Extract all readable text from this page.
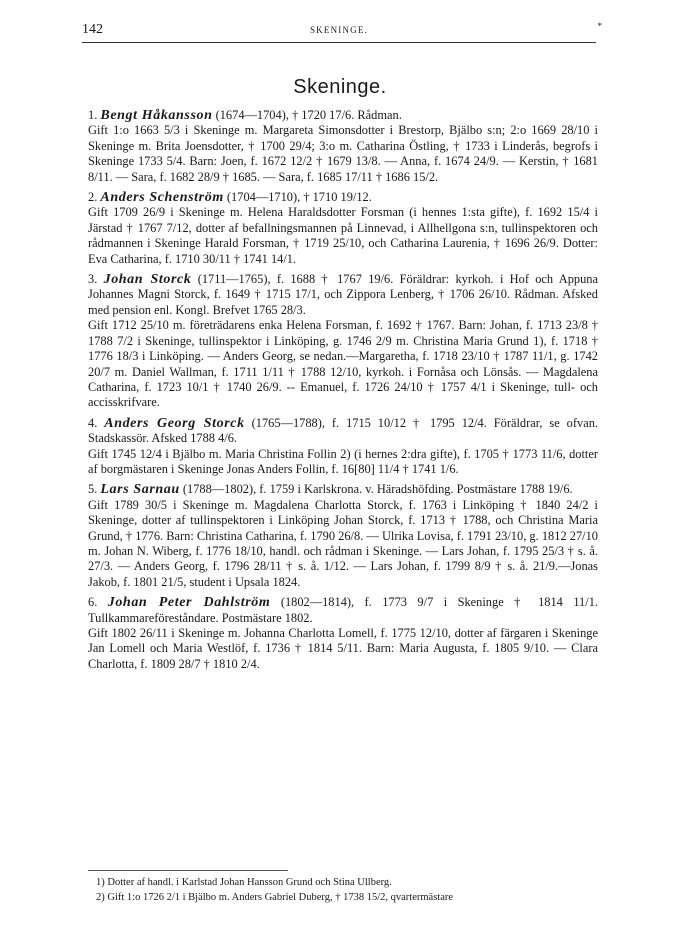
142	SKENINGE.	*
Skeninge.

1. Bengt Håkansson (1674—1704), † 1720 17/6. Rådman.

Gift 1:o 1663 5/3 i Skeninge m. Margareta Simonsdotter i Brestorp, Bjälbo s:n; 2:o 1669 28/10 i Skeninge m. Brita Joensdotter, † 1700 29/4; 3:o m. Catharina Östling, † 1733 i Linderås, begrofs i Skeninge 1733 5/4. Barn: Joen, f. 1672 12/2 † 1679 13/8. — Anna, f. 1674 24/9. — Kerstin, † 1681 8/11. — Sara, f. 1682 28/9 † 1685. — Sara, f. 1685 17/11 † 1686 15/2.

2. Anders Schenström (1704—1710), † 1710 19/12.

Gift 1709 26/9 i Skeninge m. Helena Haraldsdotter Forsman (i hennes 1:sta gifte), f. 1692 15/4 i Järstad † 1767 7/12, dotter af befallningsmannen på Linnevad, i Allhellgona s:n, tullinspektoren och rådmannen i Skeninge Harald Forsman, † 1719 25/10, och Catharina Laurenia, † 1696 26/9. Dotter: Eva Catharina, f. 1710 30/11 † 1741 14/1.

3. Johan Storck (1711—1765), f. 1688 † 1767 19/6. Föräldrar: kyrkoh. i Hof och Appuna Johannes Magni Storck, f. 1649 † 1715 17/1, och Zippora Lenberg, † 1706 26/10. Rådman. Afsked med pension enl. Kongl. Brefvet 1765 28/3.

Gift 1712 25/10 m. företrädarens enka Helena Forsman, f. 1692 † 1767. Barn: Johan, f. 1713 23/8 † 1788 7/2 i Skeninge, tullinspektor i Linköping, g. 1746 2/9 m. Christina Maria Grund 1), f. 1718 † 1776 18/3 i Linköping. — Anders Georg, se nedan.—Margaretha, f. 1718 23/10 † 1787 11/1, g. 1742 20/7 m. Daniel Wallman, f. 1711 1/11 † 1788 12/10, kyrkoh. i Fornåsa och Lönsås. — Magdalena Catharina, f. 1723 10/1 † 1740 26/9. -- Emanuel, f. 1726 24/10 † 1757 4/1 i Skeninge, tull- och accisskrifvare.

4. Anders Georg Storck (1765—1788), f. 1715 10/12 † 1795 12/4. Föräldrar, se ofvan. Stadskassör. Afsked 1788 4/6.

Gift 1745 12/4 i Bjälbo m. Maria Christina Follin 2) (i hernes 2:dra gifte), f. 1705 † 1773 11/6, dotter af borgmästaren i Skeninge Jonas Anders Follin, f. 16[80] 11/4 † 1741 1/6.

5. Lars Sarnau (1788—1802), f. 1759 i Karlskrona. v. Häradshöfding. Postmästare 1788 19/6.

Gift 1789 30/5 i Skeninge m. Magdalena Charlotta Storck, f. 1763 i Linköping † 1840 24/2 i Skeninge, dotter af tullinspektoren i Linköping Johan Storck, f. 1713 † 1788, och Christina Maria Grund, † 1776. Barn: Christina Catharina, f. 1790 26/8. — Ulrika Lovisa, f. 1791 23/10, g. 1812 27/10 m. Johan N. Wiberg, f. 1776 18/10, handl. och rådman i Skeninge. — Lars Johan, f. 1795 25/3 † s. å. 27/3. — Anders Georg, f. 1796 28/11 † s. å. 1/12. — Lars Johan, f. 1799 8/9 † s. å. 21/9.—Jonas Jakob, f. 1801 21/5, student i Upsala 1824.

6. Johan Peter Dahlström (1802—1814), f. 1773 9/7 i Skeninge † 1814 11/1. Tullkammareföreståndare. Postmästare 1802.

Gift 1802 26/11 i Skeninge m. Johanna Charlotta Lomell, f. 1775 12/10, dotter af färgaren i Skeninge Jan Lomell och Maria Westlöf, f. 1736 † 1814 5/11. Barn: Maria Augusta, f. 1805 9/10. — Clara Charlotta, f. 1809 28/7 † 1810 2/4.

1) Dotter af handl. i Karlstad Johan Hansson Grund och Stina Ullberg.

2) Gift 1:o 1726 2/1 i Bjälbo m. Anders Gabriel Duberg, † 1738 15/2, qvartermästare
